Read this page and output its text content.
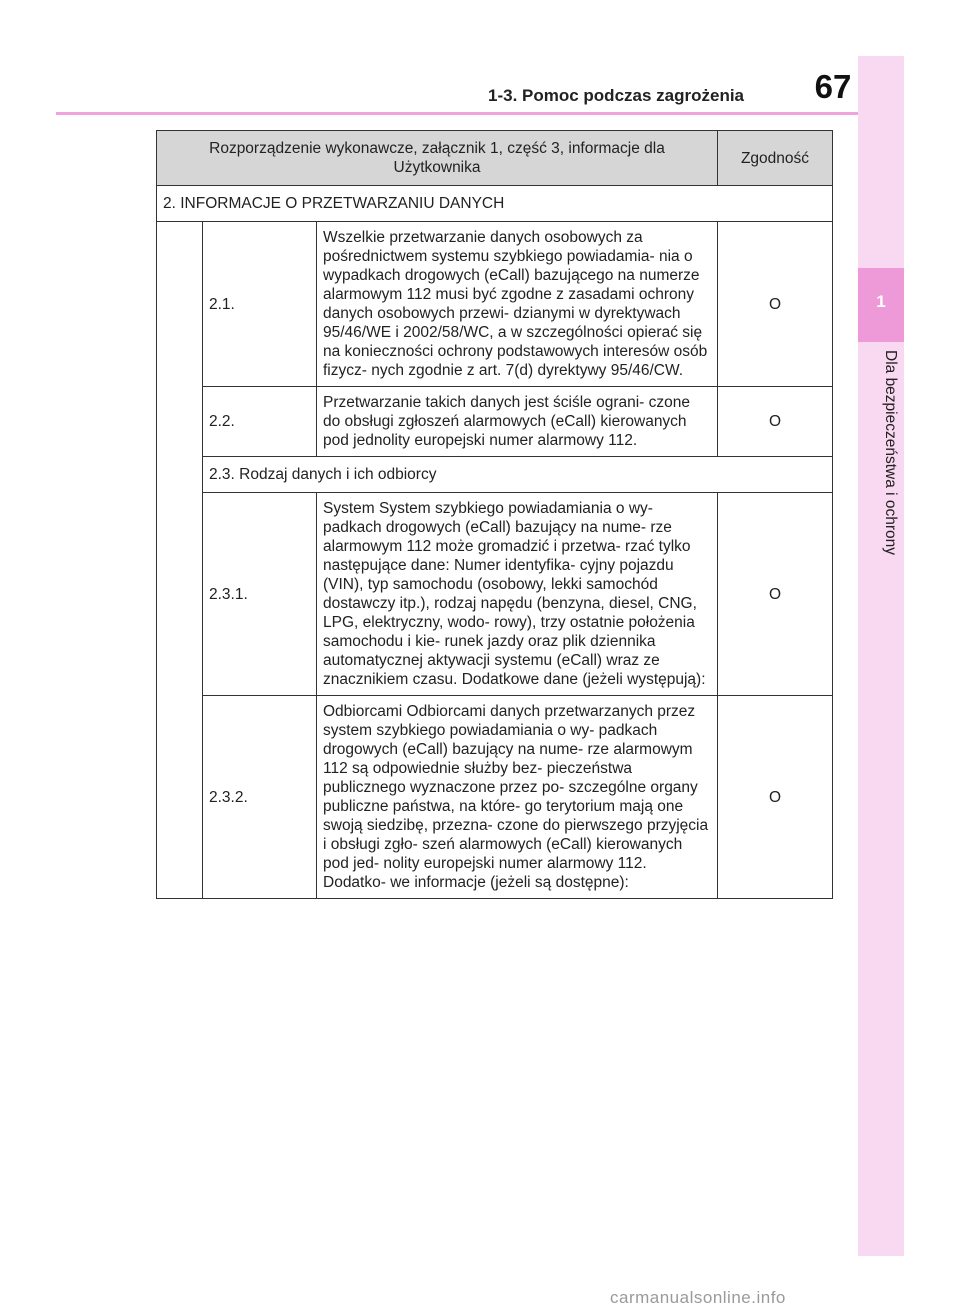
1-3. Pomoc podczas zagrożenia 67
1
Dla bezpieczeństwa i ochrony
Rozporządzenie wykonawcze, załącznik 1, część 3, informacje dla Użytkownika			Zgodność
2. INFORMACJE O PRZETWARZANIU DANYCH			
	2.1.	Wszelkie przetwarzanie danych osobowych za pośrednictwem systemu szybkiego powiadamia- nia o wypadkach drogowych (eCall) bazującego na numerze alarmowym 112 musi być zgodne z zasadami ochrony danych osobowych przewi- dzianymi w dyrektywach 95/46/WE i 2002/58/WC, a w szczególności opierać się na konieczności ochrony podstawowych interesów osób fizycz- nych zgodnie z art. 7(d) dyrektywy 95/46/CW.	O
	2.2.	Przetwarzanie takich danych jest ściśle ograni- czone do obsługi zgłoszeń alarmowych (eCall) kierowanych pod jednolity europejski numer alarmowy 112.	O
	2.3. Rodzaj danych i ich odbiorcy		
	2.3.1.	System System szybkiego powiadamiania o wy- padkach drogowych (eCall) bazujący na nume- rze alarmowym 112 może gromadzić i przetwa- rzać tylko następujące dane: Numer identyfika- cyjny pojazdu (VIN), typ samochodu (osobowy, lekki samochód dostawczy itp.), rodzaj napędu (benzyna, diesel, CNG, LPG, elektryczny, wodo- rowy), trzy ostatnie położenia samochodu i kie- runek jazdy oraz plik dziennika automatycznej aktywacji systemu (eCall) wraz ze znacznikiem czasu. Dodatkowe dane (jeżeli występują):	O
	2.3.2.	Odbiorcami Odbiorcami danych przetwarzanych przez system szybkiego powiadamiania o wy- padkach drogowych (eCall) bazujący na nume- rze alarmowym 112 są odpowiednie służby bez- pieczeństwa publicznego wyznaczone przez po- szczególne organy publiczne państwa, na które- go terytorium mają one swoją siedzibę, przezna- czone do pierwszego przyjęcia i obsługi zgło- szeń alarmowych (eCall) kierowanych pod jed- nolity europejski numer alarmowy 112. Dodatko- we informacje (jeżeli są dostępne):	O
carmanualsonline.info
